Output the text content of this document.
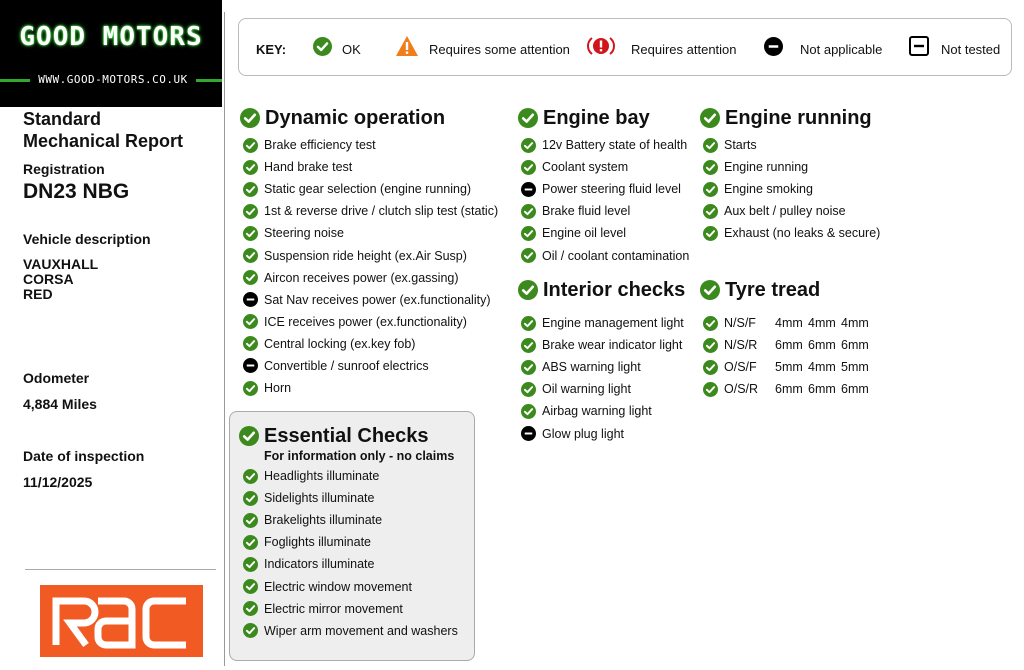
GOOD MOTORS
WWW.GOOD-MOTORS.CO.UK
Standard
Mechanical Report
Registration
DN23 NBG
Vehicle description
VAUXHALL
CORSA
RED
Odometer
4,884 Miles
Date of inspection
11/12/2025
KEY:	OK	Requires some attention	Requires attention	Not applicable	Not tested
Dynamic operation
Brake efficiency test
Hand brake test
Static gear selection (engine running)
1st & reverse drive / clutch slip test (static)
Steering noise
Suspension ride height (ex.Air Susp)
Aircon receives power (ex.gassing)
Sat Nav receives power (ex.functionality)
ICE receives power (ex.functionality)
Central locking (ex.key fob)
Convertible / sunroof electrics
Horn
Essential Checks
For information only - no claims
Headlights illuminate
Sidelights illuminate
Brakelights illuminate
Foglights illuminate
Indicators illuminate
Electric window movement
Electric mirror movement
Wiper arm movement and washers
Engine bay
12v Battery state of health
Coolant system
Power steering fluid level
Brake fluid level
Engine oil level
Oil / coolant contamination
Interior checks
Engine management light
Brake wear indicator light
ABS warning light
Oil warning light
Airbag warning light
Glow plug light
Engine running
Starts
Engine running
Engine smoking
Aux belt / pulley noise
Exhaust (no leaks & secure)
Tyre tread
N/S/F	4mm 4mm 4mm
N/S/R	6mm 6mm 6mm
O/S/F	5mm 4mm 5mm
O/S/R	6mm 6mm 6mm
